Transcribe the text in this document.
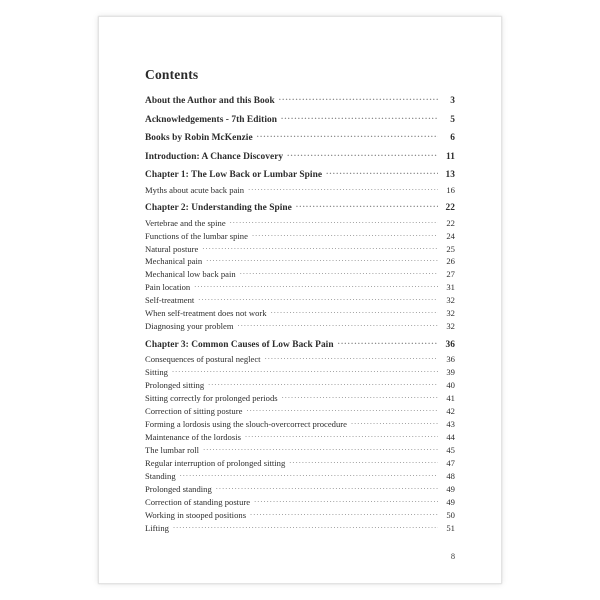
Contents
About the Author and this Book .....	3
Acknowledgements - 7th Edition .....	5
Books by Robin McKenzie .....	6
Introduction: A Chance Discovery .....	11
Chapter 1: The Low Back or Lumbar Spine .....	13
Myths about acute back pain .....	16
Chapter 2: Understanding the Spine .....	22
Vertebrae and the spine .....	22
Functions of the lumbar spine .....	24
Natural posture .....	25
Mechanical pain .....	26
Mechanical low back pain .....	27
Pain location .....	31
Self-treatment .....	32
When self-treatment does not work .....	32
Diagnosing your problem .....	32
Chapter 3: Common Causes of Low Back Pain .....	36
Consequences of postural neglect .....	36
Sitting .....	39
Prolonged sitting .....	40
Sitting correctly for prolonged periods .....	41
Correction of sitting posture .....	42
Forming a lordosis using the slouch-overcorrect procedure .....	43
Maintenance of the lordosis .....	44
The lumbar roll .....	45
Regular interruption of prolonged sitting .....	47
Standing .....	48
Prolonged standing .....	49
Correction of standing posture .....	49
Working in stooped positions .....	50
Lifting .....	51
8
